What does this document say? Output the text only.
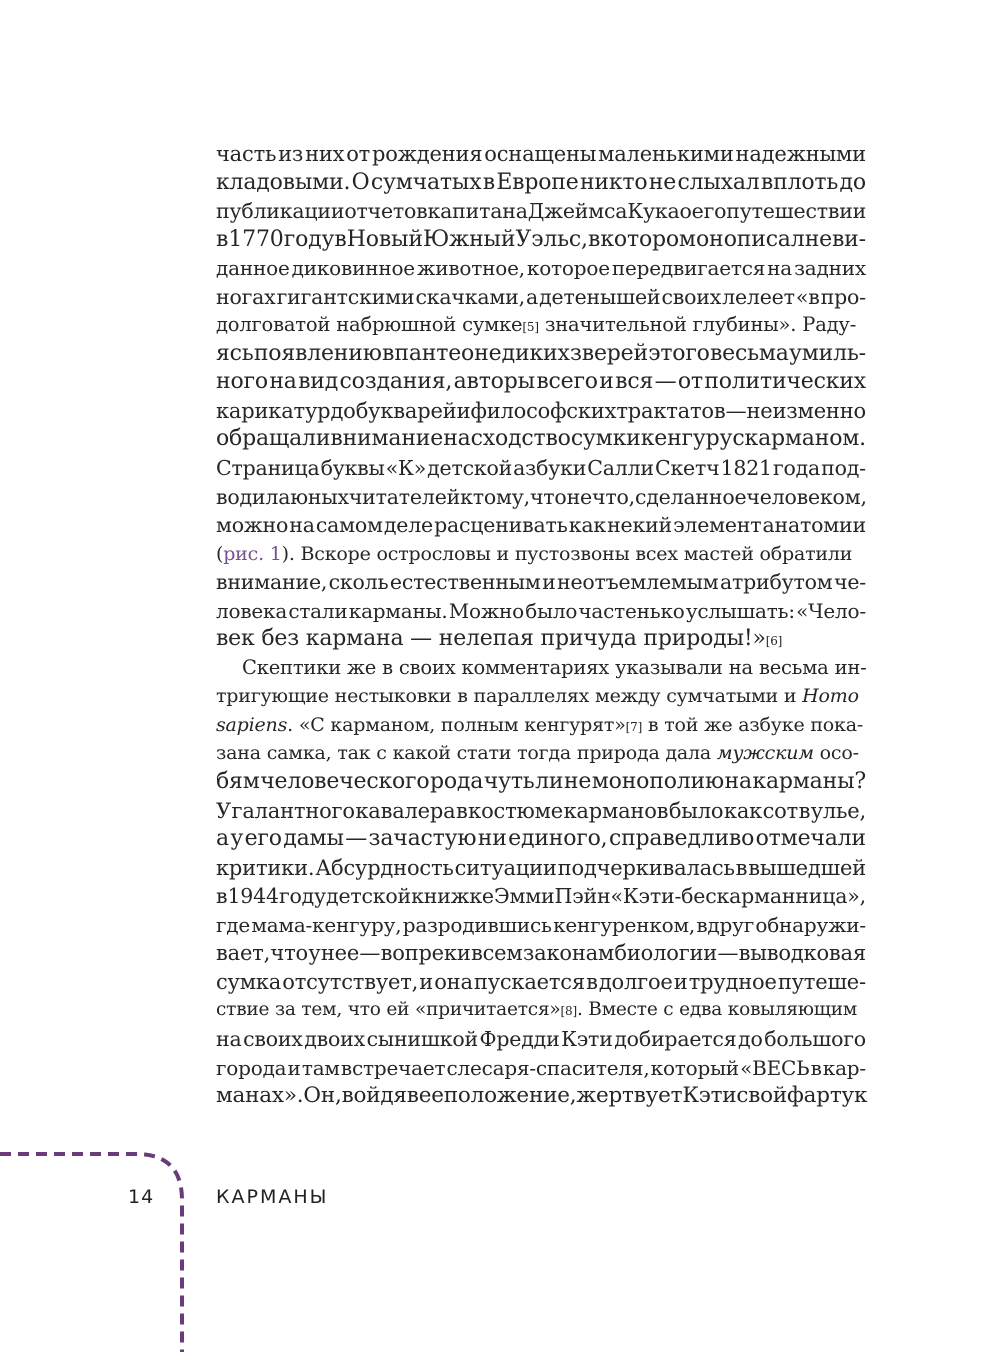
часть из них от рождения оснащены маленькими надежными
кладовыми. О сумчатых в Европе никто не слыхал вплоть до
публикации отчетов капитана Джеймса Кука о его путешествии
в 1770 году в Новый Южный Уэльс, в котором он описал неви-
данное диковинное животное, которое передвигается на задних
ногах гигантскими скачками, а детенышей своих лелеет «в про-
долговатой набрюшной сумке [5]
значительной глубины». Раду-
ясь появлению в пантеоне диких зверей этого весьма умиль-
ного на вид создания, авторы всего и вся — от политических
карикатур до букварей и философских трактатов — неизменно
обращали внимание на сходство сумки кенгуру с карманом.
Страница буквы «К» детской азбуки Салли Скетч 1821 года под-
водила юных читателей к тому, что нечто, сделанное человеком,
можно на самом деле расценивать как некий элемент анатомии
( рис. 1 ). Вскоре острословы и пустозвоны всех мастей обратили
внимание, сколь естественным и неотъемлемым атрибутом че-
ловека стали карманы. Можно было частенько услышать: «Чело-
век без кармана — нелепая причуда природы!» [6]
Скептики же в своих комментариях указывали на весьма ин-
тригующие нестыковки в параллелях между сумчатыми и Homo
sapiens . «С карманом, полным кенгурят» [7] в той же азбуке пока-
зана самка, так с какой стати тогда природа дала мужским осо-
бям человеческого рода чуть ли не монополию на карманы?
У галантного кавалера в костюме карманов было как сот в улье,
а у его дамы — зачастую ни единого, справедливо отмечали
критики. Абсурдность ситуации подчеркивалась в вышедшей
в 1944 году детской книжке Эмми Пэйн «Кэти-бескарманница»,
где мама-кенгуру, разродившись кенгуренком, вдруг обнаружи-
вает, что у нее — вопреки всем законам биологии — выводковая
сумка отсутствует, и она пускается в долгое и трудное путеше-
ствие за тем, что ей «причитается» [8] . Вместе с едва ковыляющим
на своих двоих сынишкой Фредди Кэти добирается до большого
города и там встречает слесаря-спасителя, который «ВЕСЬ в кар-
манах». Он, войдя в ее положение, жертвует Кэти свой фартук
14	КАРМАНЫ
